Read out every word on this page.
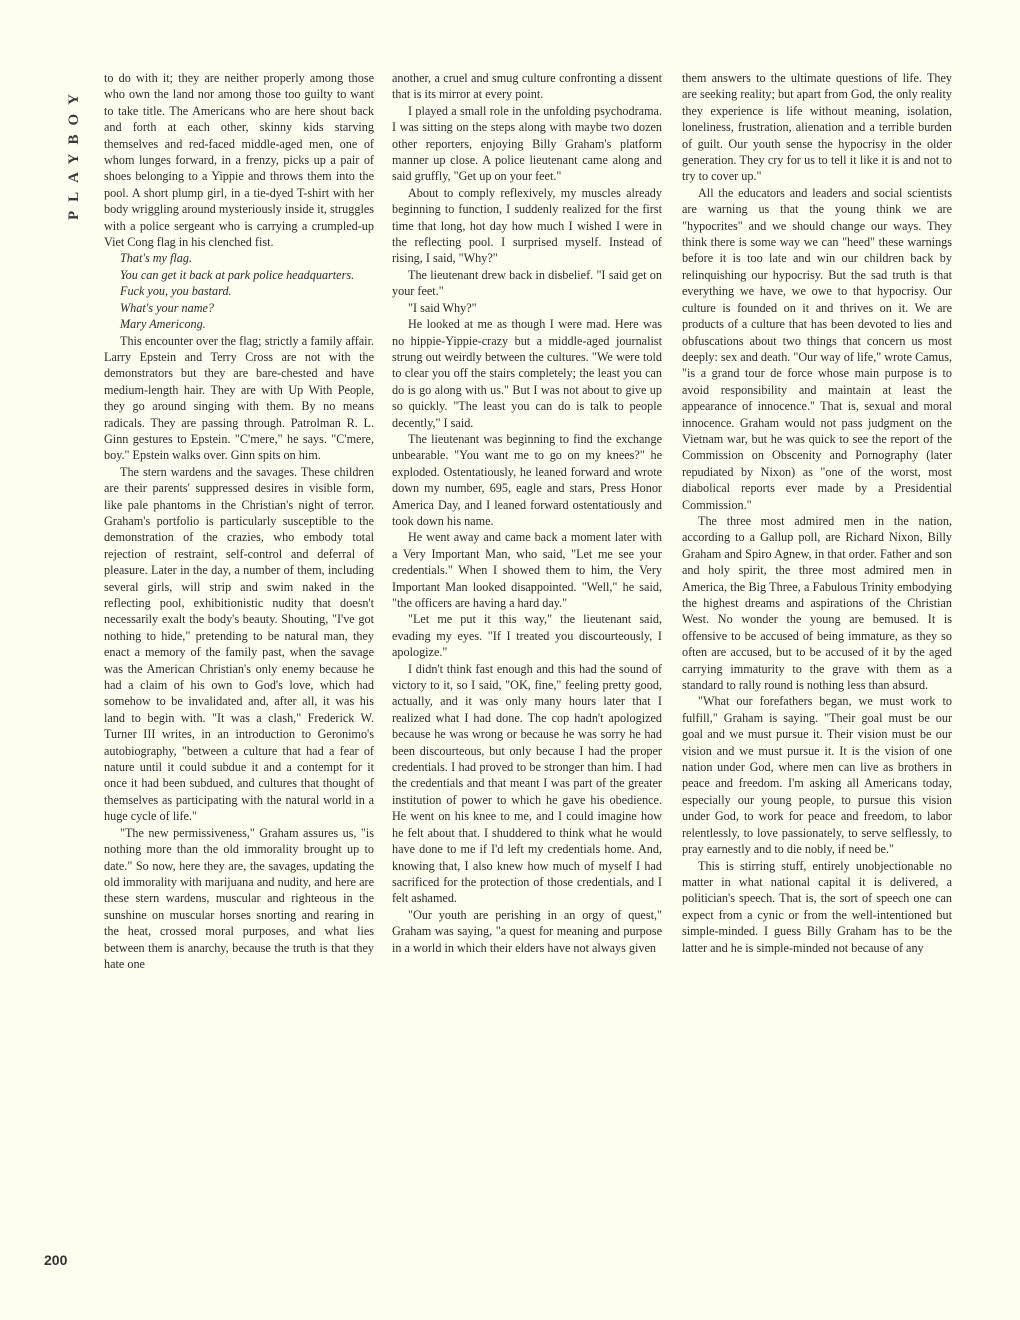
PLAYBOY

to do with it; they are neither properly among those who own the land nor among those too guilty to want to take title. The Americans who are here shout back and forth at each other, skinny kids starving themselves and red-faced middle-aged men, one of whom lunges forward, in a frenzy, picks up a pair of shoes belonging to a Yippie and throws them into the pool. A short plump girl, in a tie-dyed T-shirt with her body wriggling around mysteriously inside it, struggles with a police sergeant who is carrying a crumpled-up Viet Cong flag in his clenched fist.

That's my flag.

You can get it back at park police headquarters.

Fuck you, you bastard.

What's your name?

Mary Americong.

This encounter over the flag; strictly a family affair. Larry Epstein and Terry Cross are not with the demonstrators but they are bare-chested and have medium-length hair. They are with Up With People, they go around singing with them. By no means radicals. They are passing through. Patrolman R. L. Ginn gestures to Epstein. "C'mere," he says. "C'mere, boy." Epstein walks over. Ginn spits on him.

The stern wardens and the savages. These children are their parents' suppressed desires in visible form, like pale phantoms in the Christian's night of terror. Graham's portfolio is particularly susceptible to the demonstration of the crazies, who embody total rejection of restraint, self-control and deferral of pleasure. Later in the day, a number of them, including several girls, will strip and swim naked in the reflecting pool, exhibitionistic nudity that doesn't necessarily exalt the body's beauty. Shouting, "I've got nothing to hide," pretending to be natural man, they enact a memory of the family past, when the savage was the American Christian's only enemy because he had a claim of his own to God's love, which had somehow to be invalidated and, after all, it was his land to begin with. "It was a clash," Frederick W. Turner III writes, in an introduction to Geronimo's autobiography, "between a culture that had a fear of nature until it could subdue it and a contempt for it once it had been subdued, and cultures that thought of themselves as participating with the natural world in a huge cycle of life."

"The new permissiveness," Graham assures us, "is nothing more than the old immorality brought up to date." So now, here they are, the savages, updating the old immorality with marijuana and nudity, and here are these stern wardens, muscular and righteous in the sunshine on muscular horses snorting and rearing in the heat, crossed moral purposes, and what lies between them is anarchy, because the truth is that they hate one

another, a cruel and smug culture confronting a dissent that is its mirror at every point.

I played a small role in the unfolding psychodrama. I was sitting on the steps along with maybe two dozen other reporters, enjoying Billy Graham's platform manner up close. A police lieutenant came along and said gruffly, "Get up on your feet."

About to comply reflexively, my muscles already beginning to function, I suddenly realized for the first time that long, hot day how much I wished I were in the reflecting pool. I surprised myself. Instead of rising, I said, "Why?"

The lieutenant drew back in disbelief. "I said get on your feet."

"I said Why?"

He looked at me as though I were mad. Here was no hippie-Yippie-crazy but a middle-aged journalist strung out weirdly between the cultures. "We were told to clear you off the stairs completely; the least you can do is go along with us." But I was not about to give up so quickly. "The least you can do is talk to people decently," I said.

The lieutenant was beginning to find the exchange unbearable. "You want me to go on my knees?" he exploded. Ostentatiously, he leaned forward and wrote down my number, 695, eagle and stars, Press Honor America Day, and I leaned forward ostentatiously and took down his name.

He went away and came back a moment later with a Very Important Man, who said, "Let me see your credentials." When I showed them to him, the Very Important Man looked disappointed. "Well," he said, "the officers are having a hard day."

"Let me put it this way," the lieutenant said, evading my eyes. "If I treated you discourteously, I apologize."

I didn't think fast enough and this had the sound of victory to it, so I said, "OK, fine," feeling pretty good, actually, and it was only many hours later that I realized what I had done. The cop hadn't apologized because he was wrong or because he was sorry he had been discourteous, but only because I had the proper credentials. I had proved to be stronger than him. I had the credentials and that meant I was part of the greater institution of power to which he gave his obedience. He went on his knee to me, and I could imagine how he felt about that. I shuddered to think what he would have done to me if I'd left my credentials home. And, knowing that, I also knew how much of myself I had sacrificed for the protection of those credentials, and I felt ashamed.

"Our youth are perishing in an orgy of quest," Graham was saying, "a quest for meaning and purpose in a world in which their elders have not always given

them answers to the ultimate questions of life. They are seeking reality; but apart from God, the only reality they experience is life without meaning, isolation, loneliness, frustration, alienation and a terrible burden of guilt. Our youth sense the hypocrisy in the older generation. They cry for us to tell it like it is and not to try to cover up."

All the educators and leaders and social scientists are warning us that the young think we are "hypocrites" and we should change our ways. They think there is some way we can "heed" these warnings before it is too late and win our children back by relinquishing our hypocrisy. But the sad truth is that everything we have, we owe to that hypocrisy. Our culture is founded on it and thrives on it. We are products of a culture that has been devoted to lies and obfuscations about two things that concern us most deeply: sex and death. "Our way of life," wrote Camus, "is a grand tour de force whose main purpose is to avoid responsibility and maintain at least the appearance of innocence." That is, sexual and moral innocence. Graham would not pass judgment on the Vietnam war, but he was quick to see the report of the Commission on Obscenity and Pornography (later repudiated by Nixon) as "one of the worst, most diabolical reports ever made by a Presidential Commission."

The three most admired men in the nation, according to a Gallup poll, are Richard Nixon, Billy Graham and Spiro Agnew, in that order. Father and son and holy spirit, the three most admired men in America, the Big Three, a Fabulous Trinity embodying the highest dreams and aspirations of the Christian West. No wonder the young are bemused. It is offensive to be accused of being immature, as they so often are accused, but to be accused of it by the aged carrying immaturity to the grave with them as a standard to rally round is nothing less than absurd.

"What our forefathers began, we must work to fulfill," Graham is saying. "Their goal must be our goal and we must pursue it. Their vision must be our vision and we must pursue it. It is the vision of one nation under God, where men can live as brothers in peace and freedom. I'm asking all Americans today, especially our young people, to pursue this vision under God, to work for peace and freedom, to labor relentlessly, to love passionately, to serve selflessly, to pray earnestly and to die nobly, if need be."

This is stirring stuff, entirely unobjectionable no matter in what national capital it is delivered, a politician's speech. That is, the sort of speech one can expect from a cynic or from the well-intentioned but simple-minded. I guess Billy Graham has to be the latter and he is simple-minded not because of any

200
